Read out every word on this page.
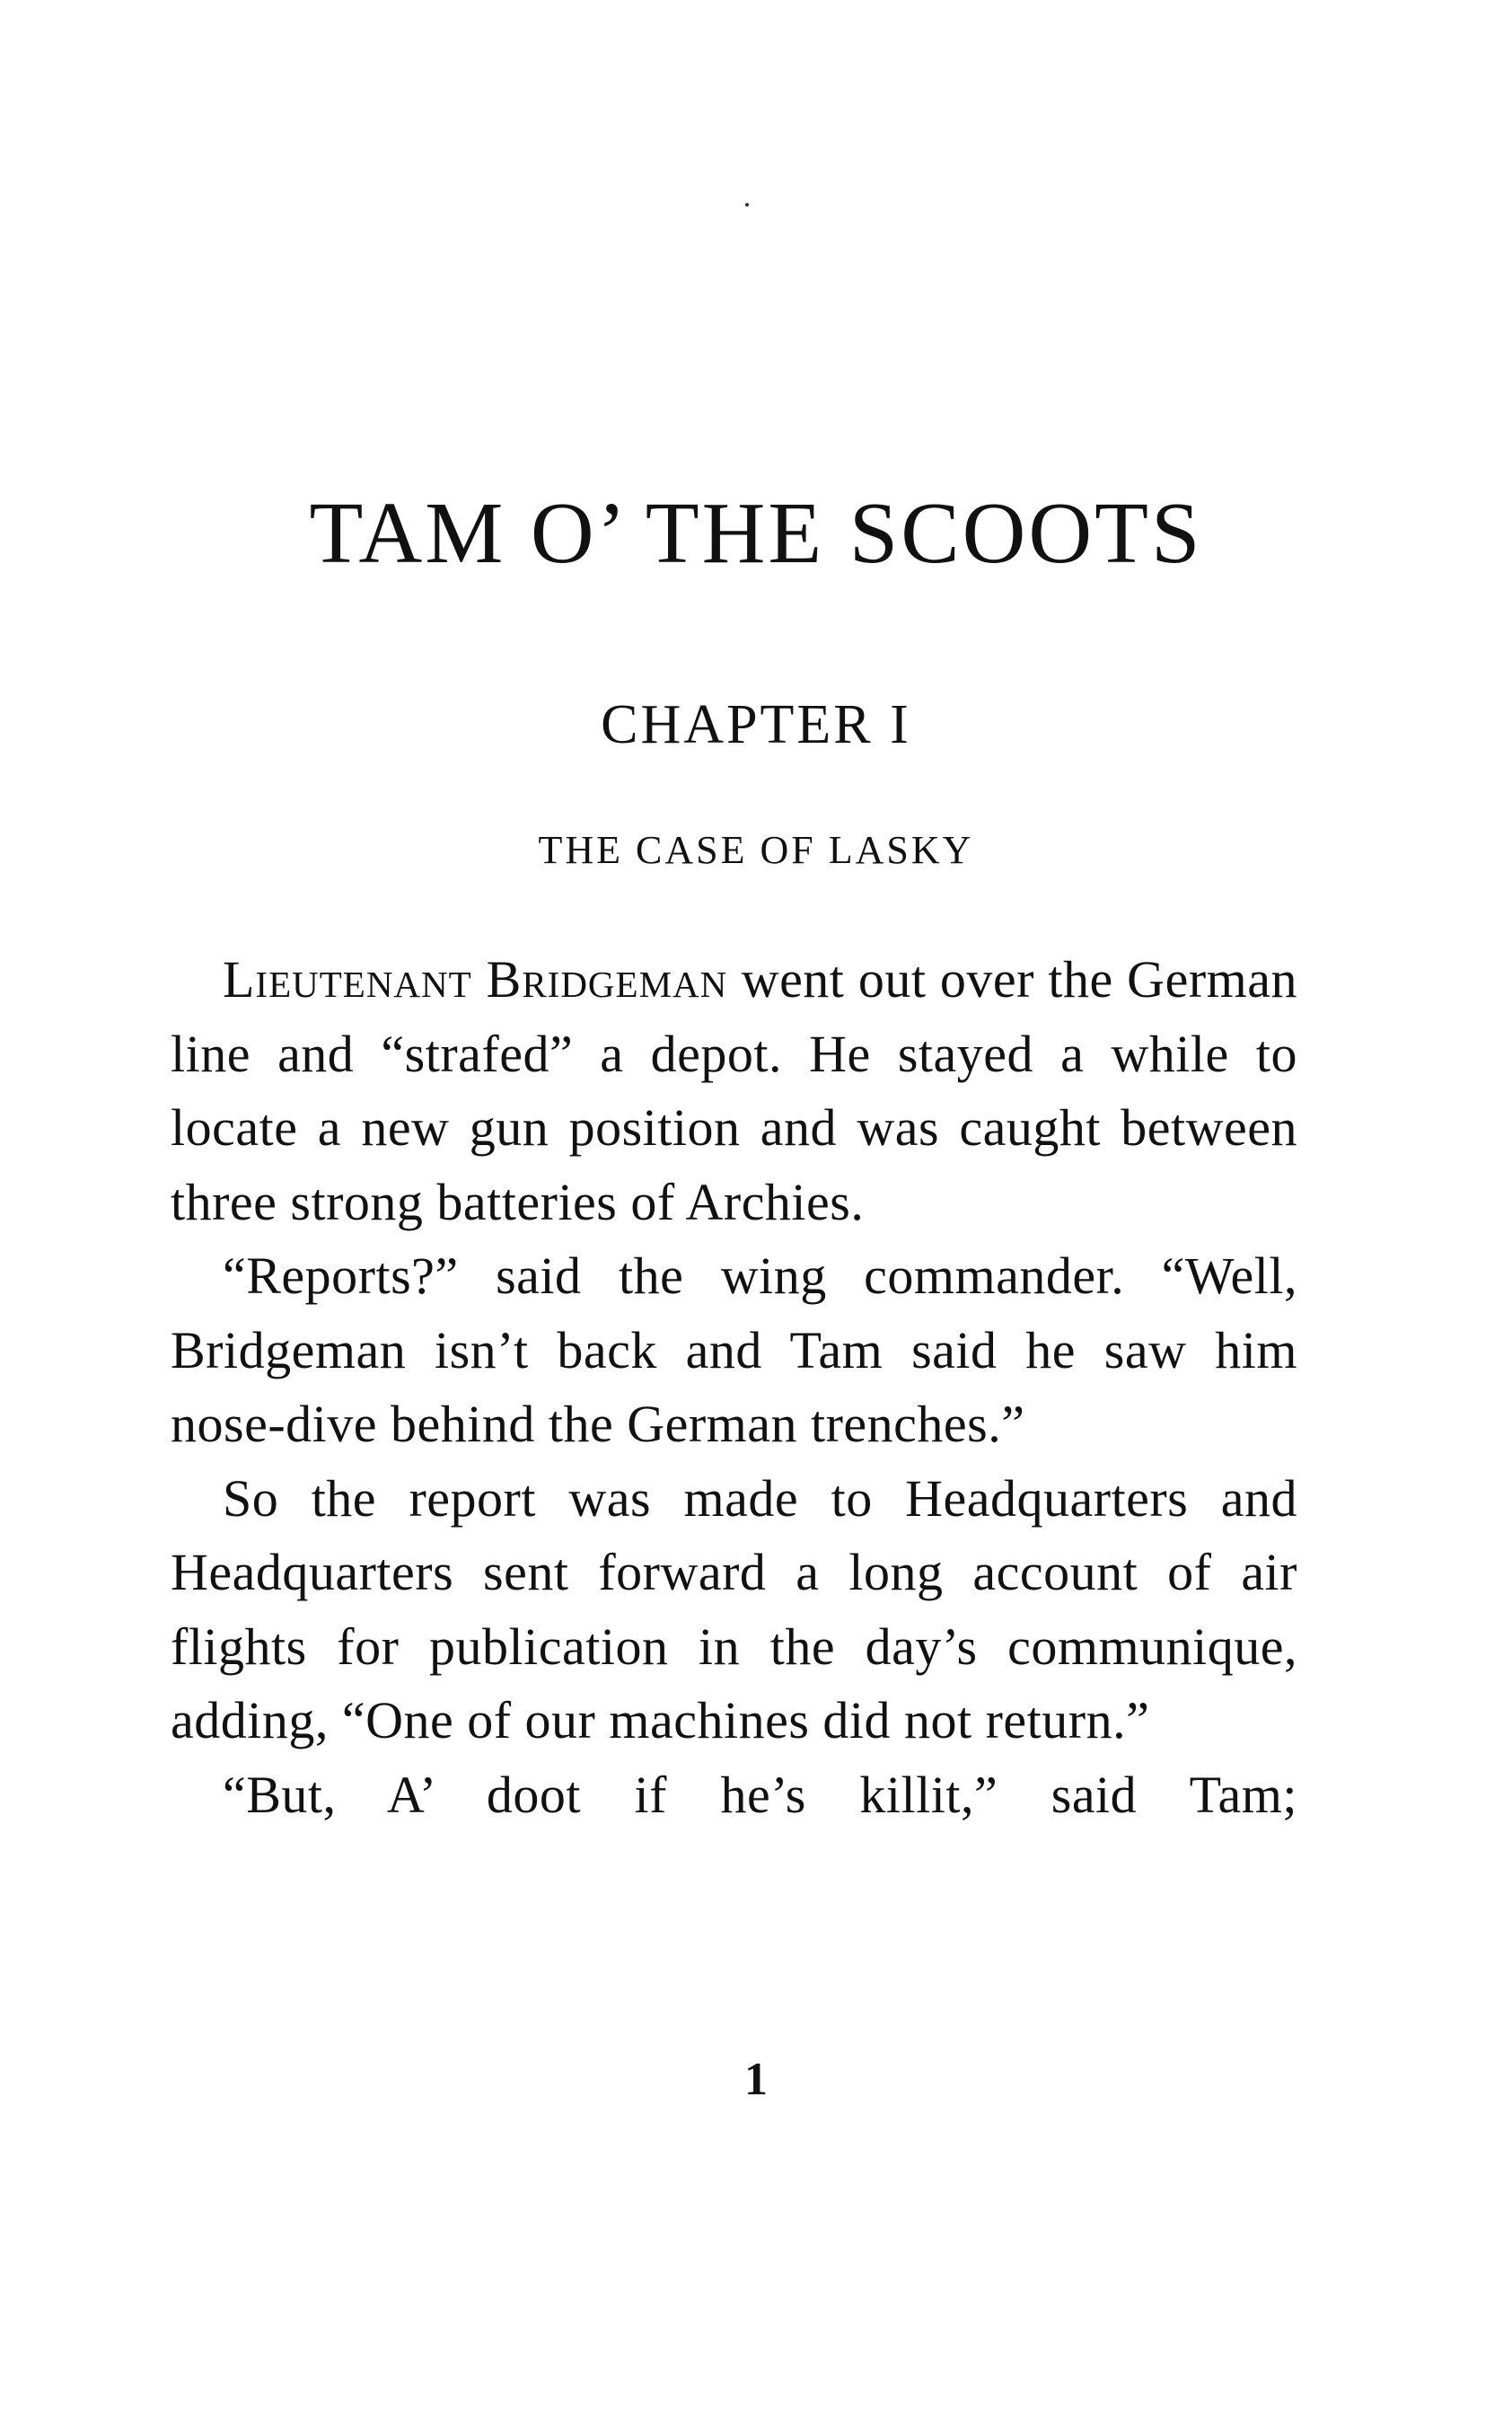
TAM O’ THE SCOOTS
CHAPTER I
THE CASE OF LASKY

Lieutenant Bridgeman went out over the German line and “strafed” a depot. He stayed a while to locate a new gun position and was caught between three strong batteries of Archies.

“Reports?” said the wing commander. “Well, Bridgeman isn’t back and Tam said he saw him nose-dive behind the German trenches.”

So the report was made to Headquarters and Headquarters sent forward a long account of air flights for publication in the day’s communique, adding, “One of our machines did not return.”

“But, A’ doot if he’s killit,” said Tam;

1
